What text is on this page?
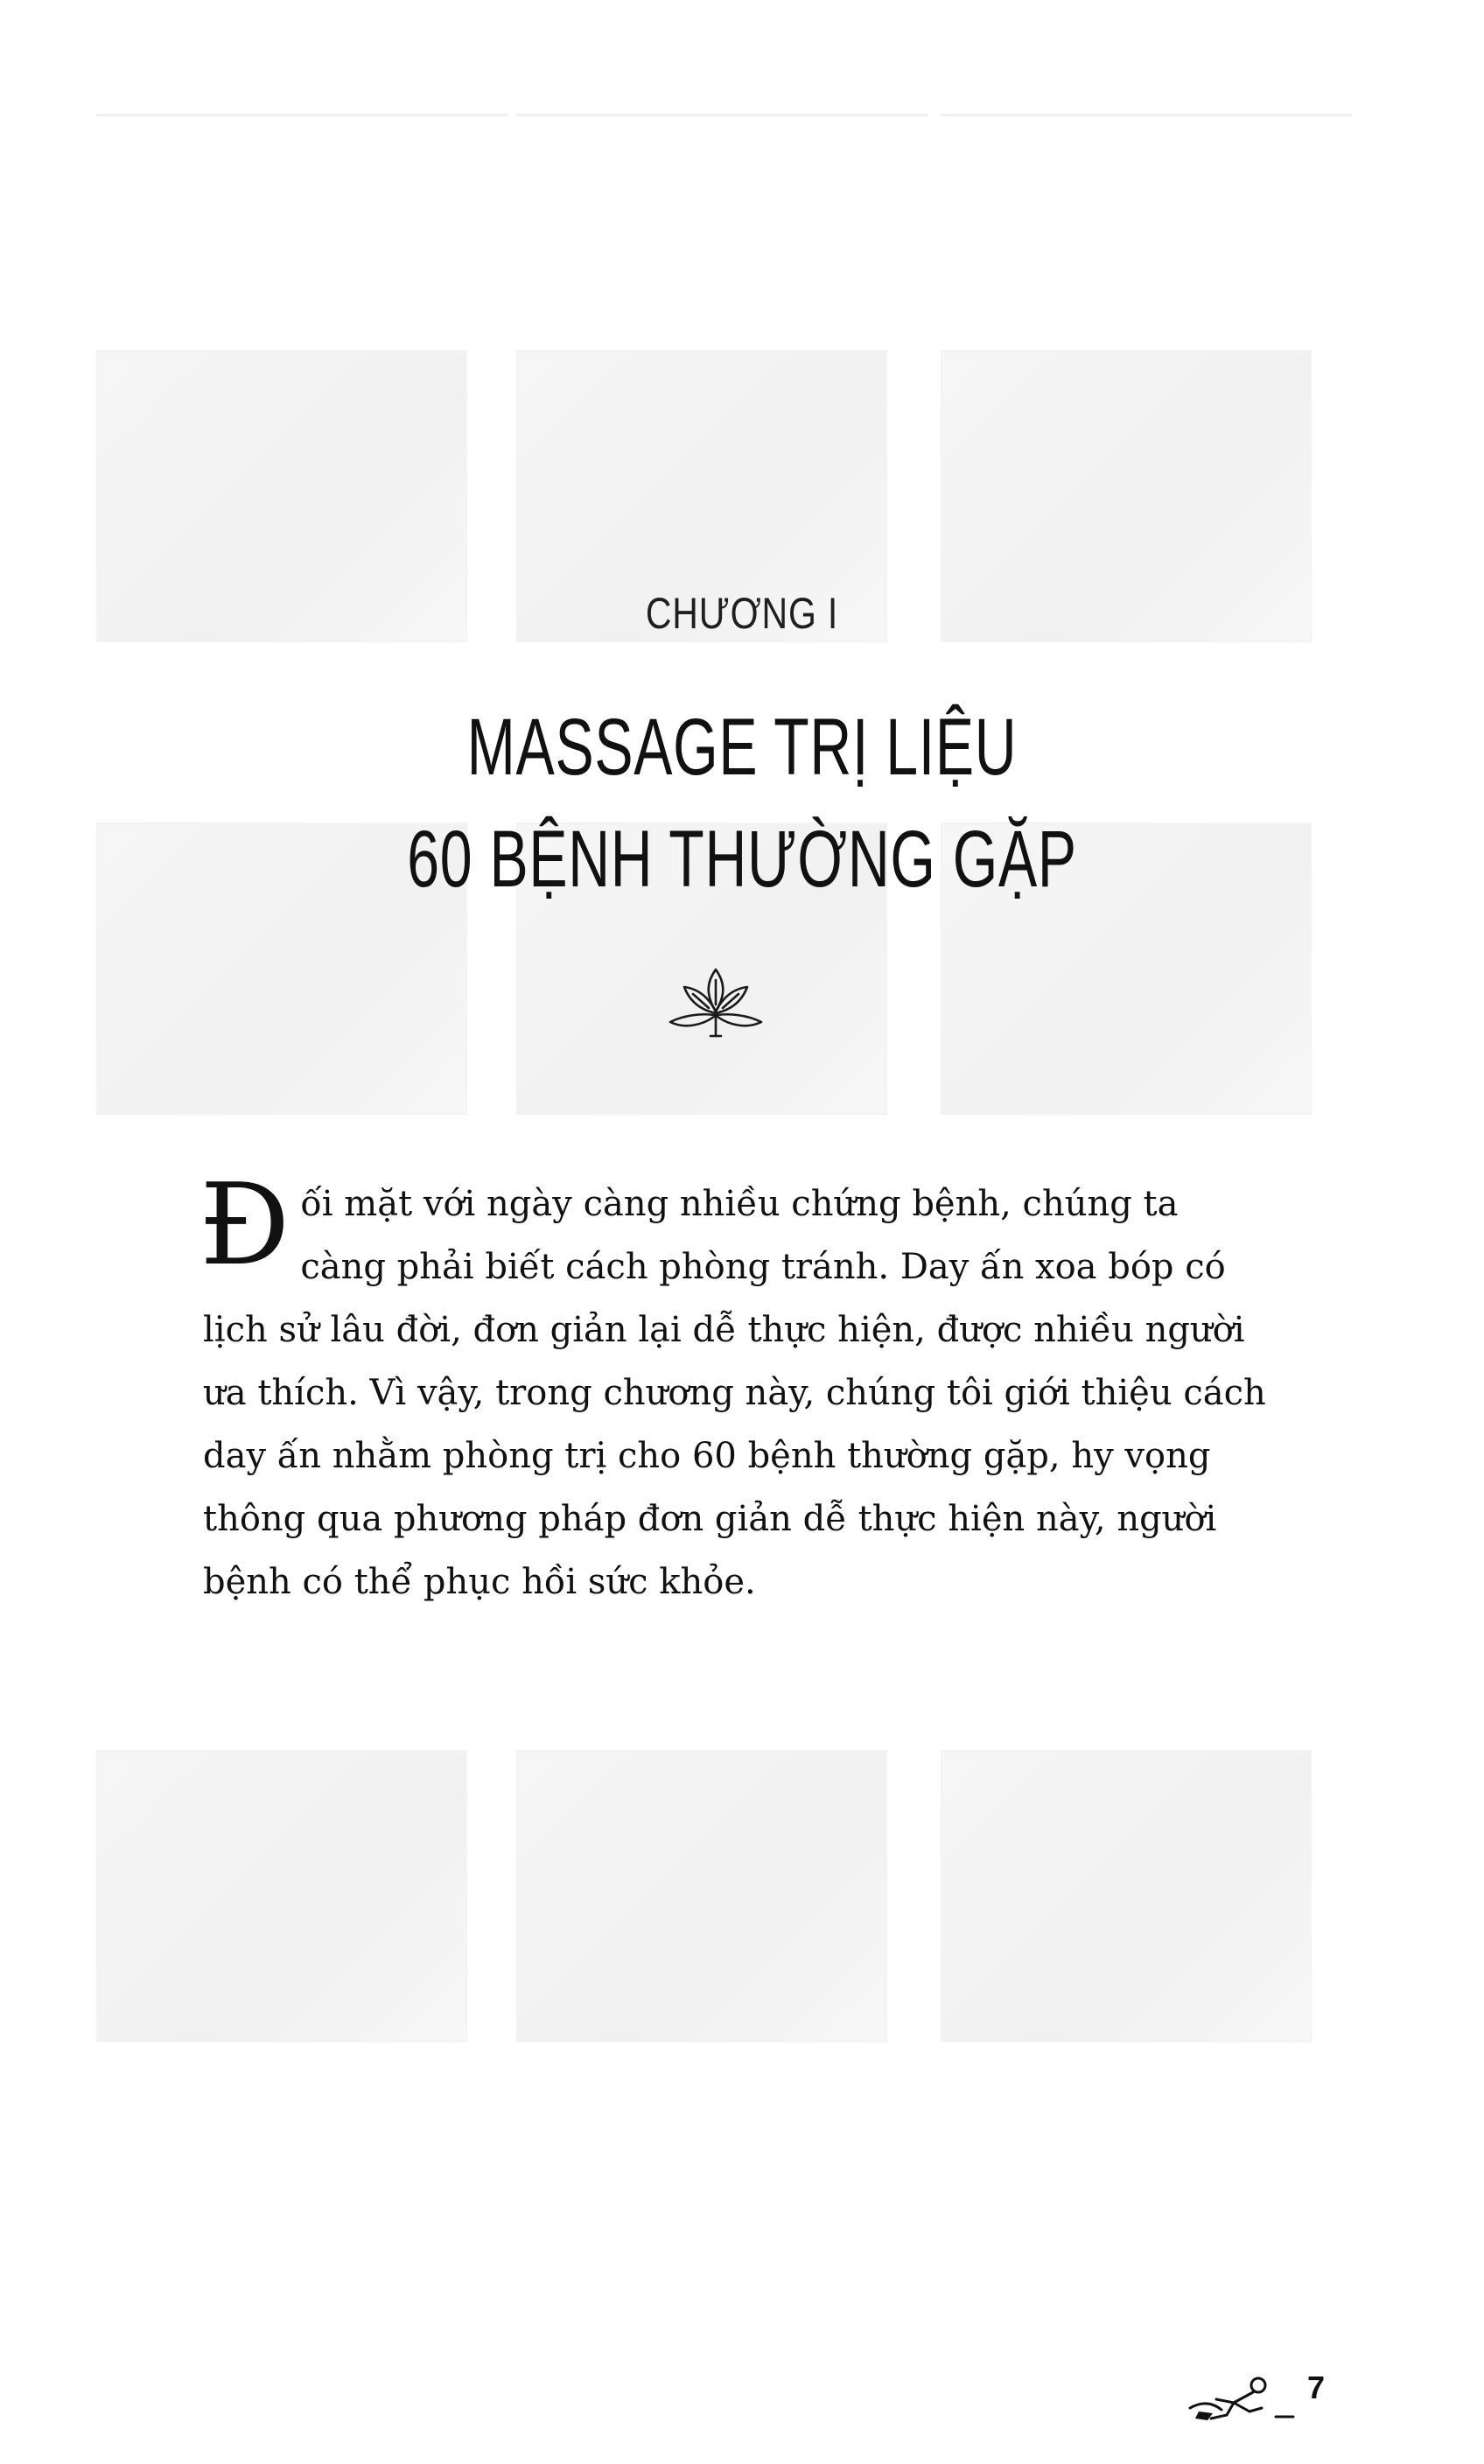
CHƯƠNG I
MASSAGE TRỊ LIỆU
60 BỆNH THƯỜNG GẶP
Đ ối mặt với ngày càng nhiều chứng bệnh, chúng ta càng phải biết cách phòng tránh. Day ấn xoa bóp có lịch sử lâu đời, đơn giản lại dễ thực hiện, được nhiều người ưa thích. Vì vậy, trong chương này, chúng tôi giới thiệu cách day ấn nhằm phòng trị cho 60 bệnh thường gặp, hy vọng thông qua phương pháp đơn giản dễ thực hiện này, người bệnh có thể phục hồi sức khỏe.
7
